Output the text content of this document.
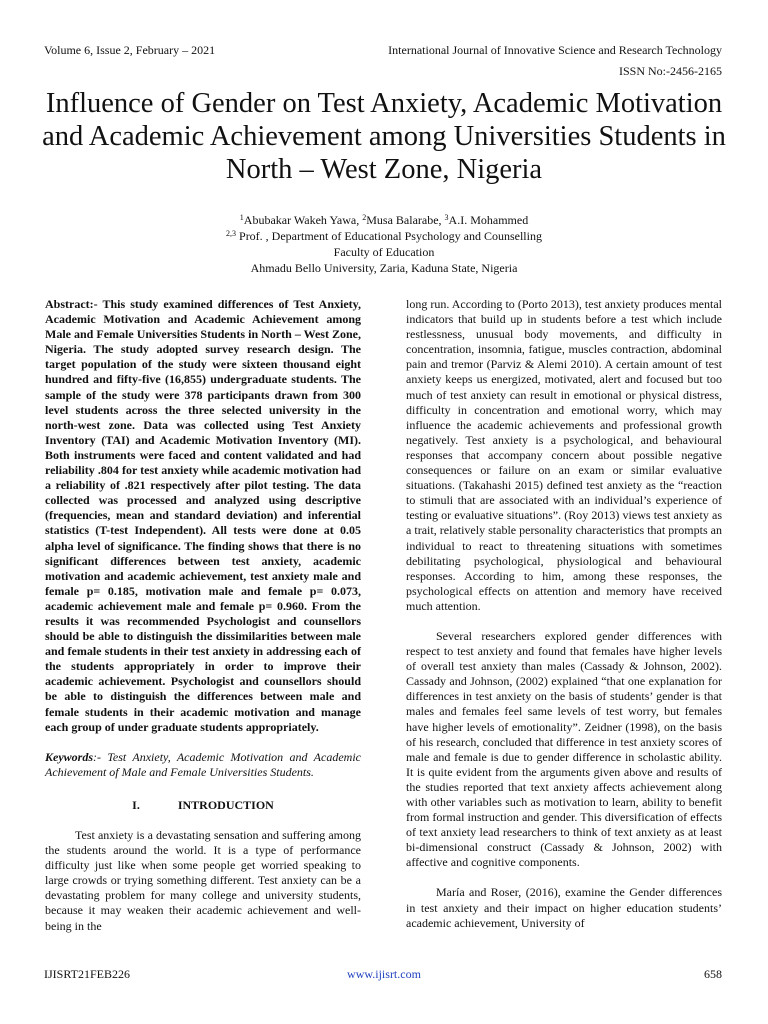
Volume 6, Issue 2, February – 2021	International Journal of Innovative Science and Research Technology
ISSN No:-2456-2165
Influence of Gender on Test Anxiety, Academic Motivation and Academic Achievement among Universities Students in North – West Zone, Nigeria
$^1$Abubakar Wakeh Yawa, $^2$Musa Balarabe, $^3$A.I. Mohammed
$^{2,3}$ Prof. , Department of Educational Psychology and Counselling
Faculty of Education
Ahmadu Bello University, Zaria, Kaduna State, Nigeria

Abstract:- This study examined differences of Test Anxiety, Academic Motivation and Academic Achievement among Male and Female Universities Students in North – West Zone, Nigeria. The study adopted survey research design. The target population of the study were sixteen thousand eight hundred and fifty-five (16,855) undergraduate students. The sample of the study were 378 participants drawn from 300 level students across the three selected university in the north-west zone. Data was collected using Test Anxiety Inventory (TAI) and Academic Motivation Inventory (MI). Both instruments were faced and content validated and had reliability .804 for test anxiety while academic motivation had a reliability of .821 respectively after pilot testing. The data collected was processed and analyzed using descriptive (frequencies, mean and standard deviation) and inferential statistics (T-test Independent). All tests were done at 0.05 alpha level of significance. The finding shows that there is no significant differences between test anxiety, academic motivation and academic achievement, test anxiety male and female p= 0.185, motivation male and female p= 0.073, academic achievement male and female p= 0.960. From the results it was recommended Psychologist and counsellors should be able to distinguish the dissimilarities between male and female students in their test anxiety in addressing each of the students appropriately in order to improve their academic achievement. Psychologist and counsellors should be able to distinguish the differences between male and female students in their academic motivation and manage each group of under graduate students appropriately.

Keywords:- Test Anxiety, Academic Motivation and Academic Achievement of Male and Female Universities Students.

I.	INTRODUCTION

Test anxiety is a devastating sensation and suffering among the students around the world. It is a type of performance difficulty just like when some people get worried speaking to large crowds or trying something different. Test anxiety can be a devastating problem for many college and university students, because it may weaken their academic achievement and well-being in the

long run. According to (Porto 2013), test anxiety produces mental indicators that build up in students before a test which include restlessness, unusual body movements, and difficulty in concentration, insomnia, fatigue, muscles contraction, abdominal pain and tremor (Parviz & Alemi 2010). A certain amount of test anxiety keeps us energized, motivated, alert and focused but too much of test anxiety can result in emotional or physical distress, difficulty in concentration and emotional worry, which may influence the academic achievements and professional growth negatively. Test anxiety is a psychological, and behavioural responses that accompany concern about possible negative consequences or failure on an exam or similar evaluative situations. (Takahashi 2015) defined test anxiety as the “reaction to stimuli that are associated with an individual’s experience of testing or evaluative situations”. (Roy 2013) views test anxiety as a trait, relatively stable personality characteristics that prompts an individual to react to threatening situations with sometimes debilitating psychological, physiological and behavioural responses. According to him, among these responses, the psychological effects on attention and memory have received much attention.

Several researchers explored gender differences with respect to test anxiety and found that females have higher levels of overall test anxiety than males (Cassady & Johnson, 2002). Cassady and Johnson, (2002) explained “that one explanation for differences in test anxiety on the basis of students’ gender is that males and females feel same levels of test worry, but females have higher levels of emotionality”. Zeidner (1998), on the basis of his research, concluded that difference in test anxiety scores of male and female is due to gender difference in scholastic ability. It is quite evident from the arguments given above and results of the studies reported that text anxiety affects achievement along with other variables such as motivation to learn, ability to benefit from formal instruction and gender. This diversification of effects of text anxiety lead researchers to think of text anxiety as at least bi-dimensional construct (Cassady & Johnson, 2002) with affective and cognitive components.

María and Roser, (2016), examine the Gender differences in test anxiety and their impact on higher education students’ academic achievement, University of

IJISRT21FEB226	www.ijisrt.com	658
